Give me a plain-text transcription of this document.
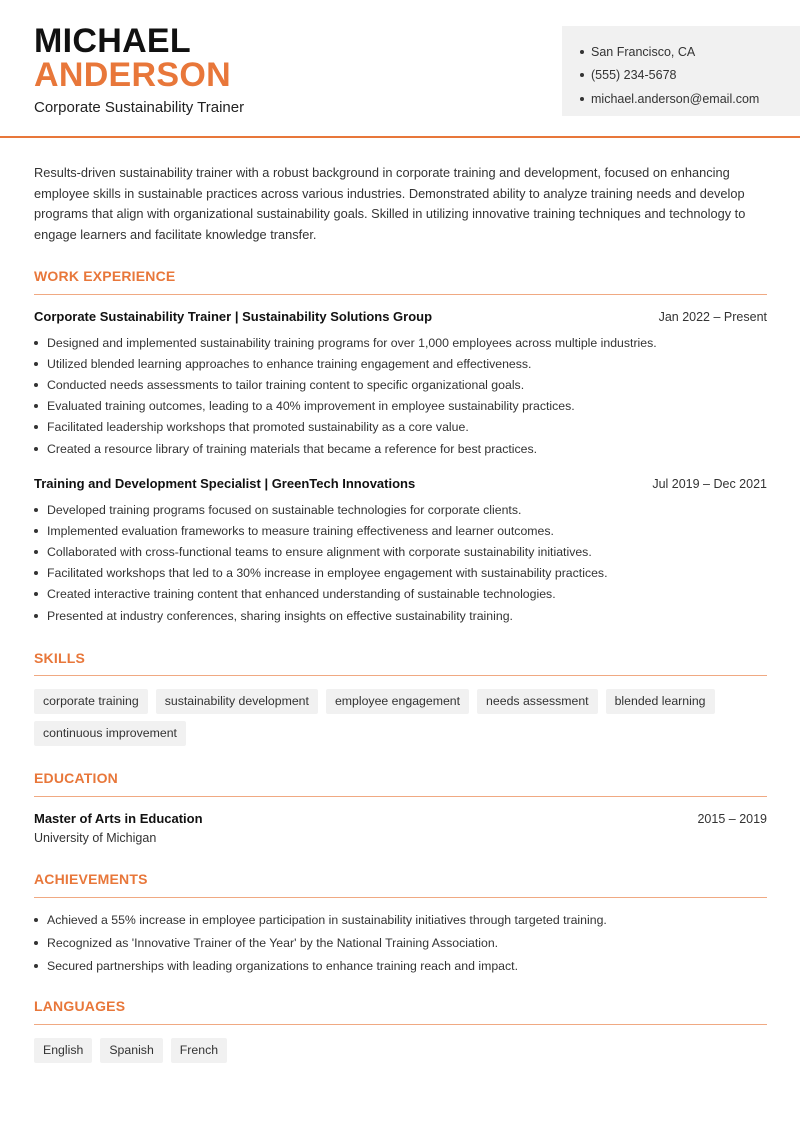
MICHAEL
ANDERSON
Corporate Sustainability Trainer
San Francisco, CA
(555) 234-5678
michael.anderson@email.com

Results-driven sustainability trainer with a robust background in corporate training and development, focused on enhancing employee skills in sustainable practices across various industries. Demonstrated ability to analyze training needs and develop programs that align with organizational sustainability goals. Skilled in utilizing innovative training techniques and technology to engage learners and facilitate knowledge transfer.

WORK EXPERIENCE
Corporate Sustainability Trainer | Sustainability Solutions Group	Jan 2022 – Present
Designed and implemented sustainability training programs for over 1,000 employees across multiple industries.
Utilized blended learning approaches to enhance training engagement and effectiveness.
Conducted needs assessments to tailor training content to specific organizational goals.
Evaluated training outcomes, leading to a 40% improvement in employee sustainability practices.
Facilitated leadership workshops that promoted sustainability as a core value.
Created a resource library of training materials that became a reference for best practices.
Training and Development Specialist | GreenTech Innovations	Jul 2019 – Dec 2021
Developed training programs focused on sustainable technologies for corporate clients.
Implemented evaluation frameworks to measure training effectiveness and learner outcomes.
Collaborated with cross-functional teams to ensure alignment with corporate sustainability initiatives.
Facilitated workshops that led to a 30% increase in employee engagement with sustainability practices.
Created interactive training content that enhanced understanding of sustainable technologies.
Presented at industry conferences, sharing insights on effective sustainability training.
SKILLS
corporate training	sustainability development	employee engagement	needs assessment	blended learning
continuous improvement
EDUCATION
Master of Arts in Education	2015 – 2019
University of Michigan
ACHIEVEMENTS
Achieved a 55% increase in employee participation in sustainability initiatives through targeted training.
Recognized as 'Innovative Trainer of the Year' by the National Training Association.
Secured partnerships with leading organizations to enhance training reach and impact.
LANGUAGES
English	Spanish	French
